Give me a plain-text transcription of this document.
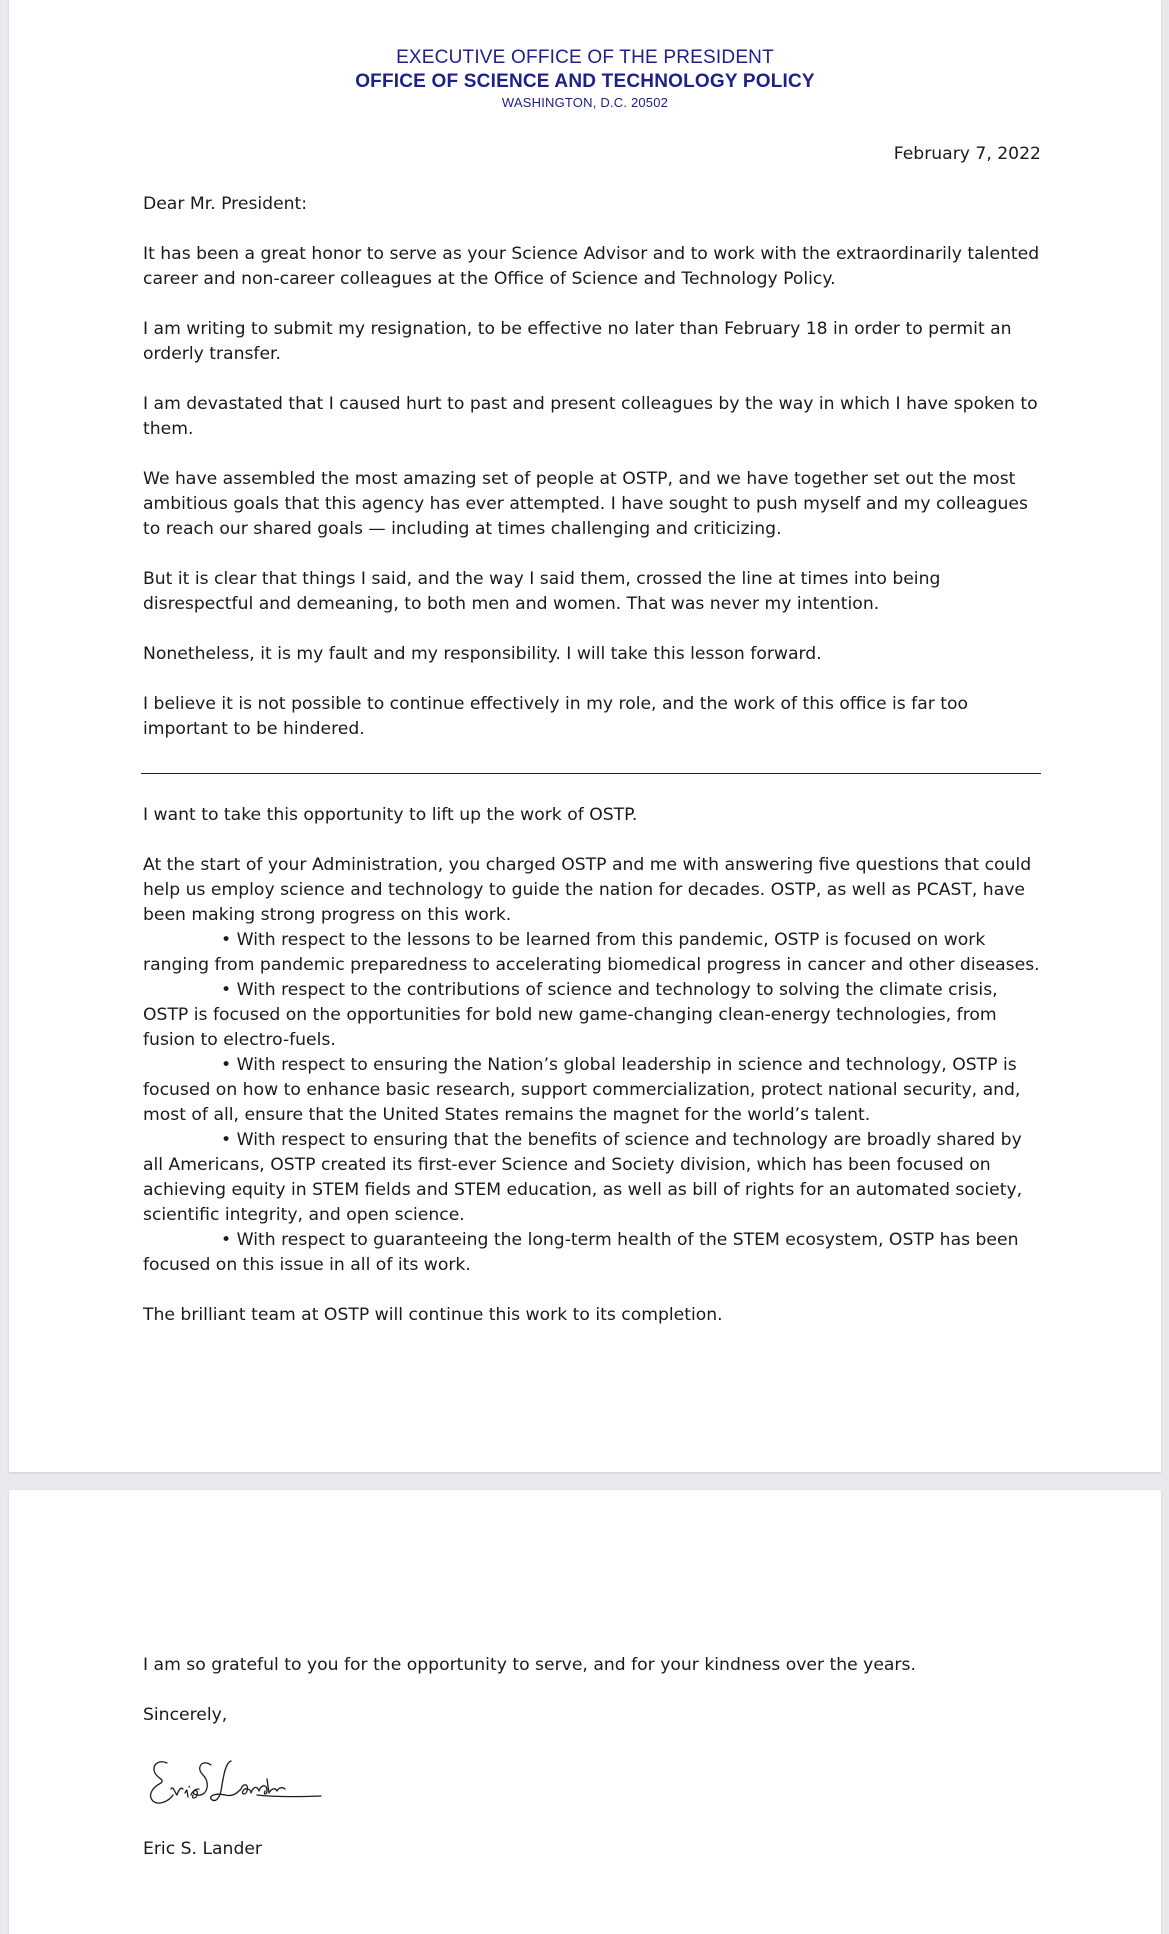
EXECUTIVE OFFICE OF THE PRESIDENT
OFFICE OF SCIENCE AND TECHNOLOGY POLICY
WASHINGTON, D.C. 20502
February 7, 2022

Dear Mr. President:

It has been a great honor to serve as your Science Advisor and to work with the extraordinarily talented career and non-career colleagues at the Office of Science and Technology Policy.

I am writing to submit my resignation, to be effective no later than February 18 in order to permit an orderly transfer.

I am devastated that I caused hurt to past and present colleagues by the way in which I have spoken to them.

We have assembled the most amazing set of people at OSTP, and we have together set out the most ambitious goals that this agency has ever attempted. I have sought to push myself and my colleagues to reach our shared goals — including at times challenging and criticizing.

But it is clear that things I said, and the way I said them, crossed the line at times into being disrespectful and demeaning, to both men and women. That was never my intention.

Nonetheless, it is my fault and my responsibility. I will take this lesson forward.

I believe it is not possible to continue effectively in my role, and the work of this office is far too important to be hindered.

I want to take this opportunity to lift up the work of OSTP.

At the start of your Administration, you charged OSTP and me with answering five questions that could help us employ science and technology to guide the nation for decades. OSTP, as well as PCAST, have been making strong progress on this work.

• With respect to the lessons to be learned from this pandemic, OSTP is focused on work ranging from pandemic preparedness to accelerating biomedical progress in cancer and other diseases.

• With respect to the contributions of science and technology to solving the climate crisis, OSTP is focused on the opportunities for bold new game-changing clean-energy technologies, from fusion to electro-fuels.

• With respect to ensuring the Nation’s global leadership in science and technology, OSTP is focused on how to enhance basic research, support commercialization, protect national security, and, most of all, ensure that the United States remains the magnet for the world’s talent.

• With respect to ensuring that the benefits of science and technology are broadly shared by all Americans, OSTP created its first-ever Science and Society division, which has been focused on achieving equity in STEM fields and STEM education, as well as bill of rights for an automated society, scientific integrity, and open science.

• With respect to guaranteeing the long-term health of the STEM ecosystem, OSTP has been focused on this issue in all of its work.

The brilliant team at OSTP will continue this work to its completion.

I am so grateful to you for the opportunity to serve, and for your kindness over the years.

Sincerely,

Eric S. Lander
